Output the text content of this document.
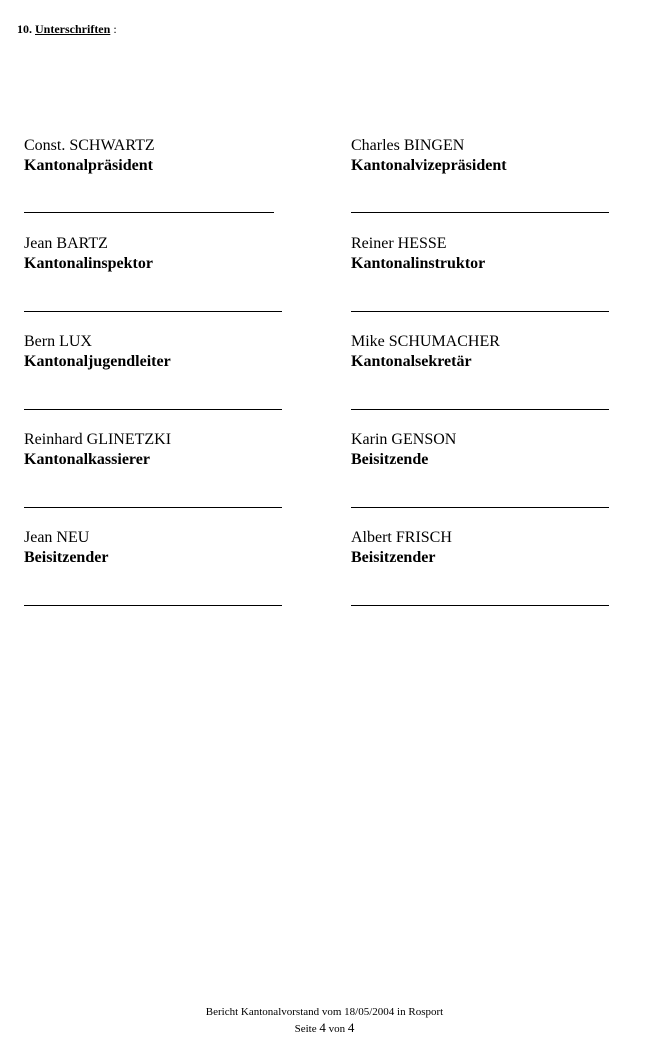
10. Unterschriften :
Const. SCHWARTZ
Kantonalpräsident
Charles BINGEN
Kantonalvizepräsident
Jean BARTZ
Kantonalinspektor
Reiner HESSE
Kantonalinstruktor
Bern LUX
Kantonaljugendleiter
Mike SCHUMACHER
Kantonalsekretär
Reinhard GLINETZKI
Kantonalkassierer
Karin GENSON
Beisitzende
Jean NEU
Beisitzender
Albert FRISCH
Beisitzender
Bericht Kantonalvorstand vom 18/05/2004 in Rosport
Seite 4 von 4
